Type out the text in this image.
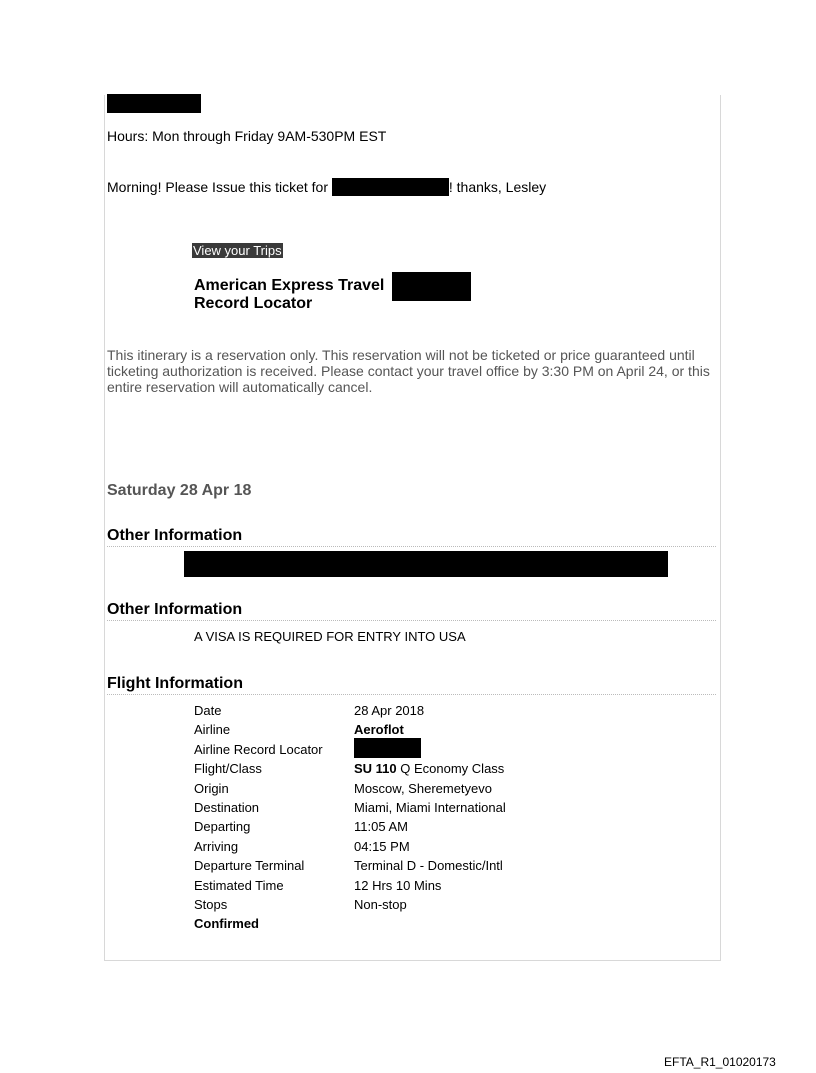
Hours: Mon through Friday 9AM-530PM EST
Morning! Please Issue this ticket for	! thanks, Lesley
View your Trips
American Express Travel
Record Locator
This itinerary is a reservation only. This reservation will not be ticketed or price guaranteed until ticketing authorization is received. Please contact your travel office by 3:30 PM on April 24, or this entire reservation will automatically cancel.
Saturday 28 Apr 18
Other Information
Other Information
A VISA IS REQUIRED FOR ENTRY INTO USA
Flight Information
Date	28 Apr 2018
Airline	Aeroflot
Airline Record Locator
Flight/Class	SU 110 Q Economy Class
Origin	Moscow, Sheremetyevo
Destination	Miami, Miami International
Departing	11:05 AM
Arriving	04:15 PM
Departure Terminal	Terminal D - Domestic/Intl
Estimated Time	12 Hrs 10 Mins
Stops	Non-stop
Confirmed
EFTA_R1_01020173
